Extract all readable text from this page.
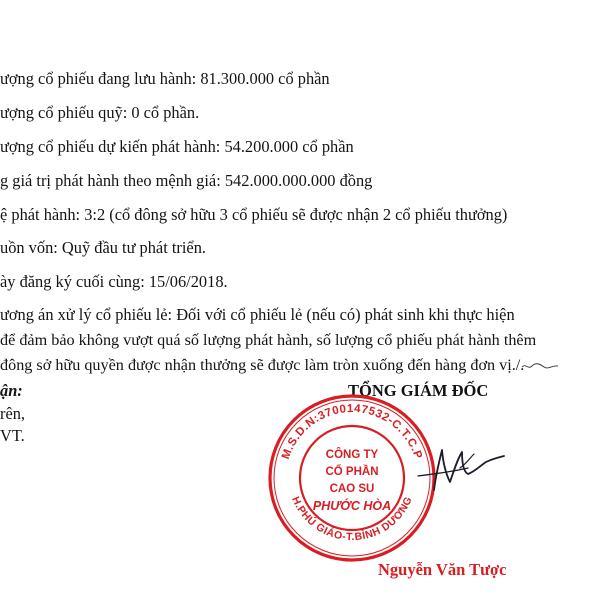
ượng cổ phiếu đang lưu hành: 81.300.000 cổ phần
ượng cổ phiếu quỹ: 0 cổ phần.
ượng cổ phiếu dự kiến phát hành: 54.200.000 cổ phần
g giá trị phát hành theo mệnh giá: 542.000.000.000 đồng
ệ phát hành: 3:2 (cổ đông sở hữu 3 cổ phiếu sẽ được nhận 2 cổ phiếu thưởng)
uồn vốn: Quỹ đầu tư phát triển.
ày đăng ký cuối cùng: 15/06/2018.
ương án xử lý cổ phiếu lẻ: Đối với cổ phiếu lẻ (nếu có) phát sinh khi thực hiện
để đảm bảo không vượt quá số lượng phát hành, số lượng cổ phiếu phát hành thêm
đông sở hữu quyền được nhận thưởng sẽ được làm tròn xuống đến hàng đơn vị./.
ận:
rên,
VT.
TỔNG GIÁM ĐỐC
M.S.D.N:3700147532-C.T.C.P
H.PHÚ GIÁO-T.BÌNH DƯƠNG
CÔNG TY
CỔ PHẦN
CAO SU
PHƯỚC HÒA
Nguyễn Văn Tược
